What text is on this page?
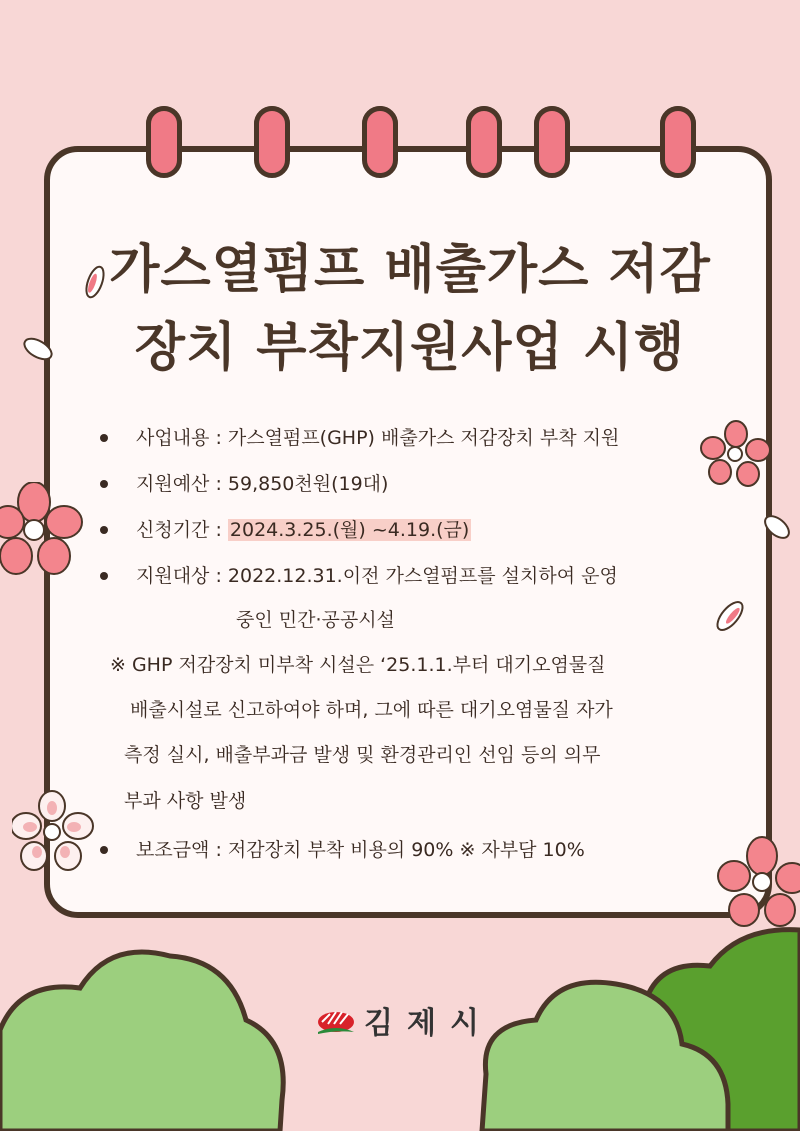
가스열펌프 배출가스 저감
장치 부착지원사업 시행
사업내용 : 가스열펌프(GHP) 배출가스 저감장치 부착 지원
지원예산 : 59,850천원(19대)
신청기간 : 2024.3.25.(월) ~4.19.(금)
지원대상 : 2022.12.31.이전 가스열펌프를 설치하여 운영
중인 민간·공공시설
※ GHP 저감장치 미부착 시설은 ‘25.1.1.부터 대기오염물질
배출시설로 신고하여야 하며, 그에 따른 대기오염물질 자가
측정 실시, 배출부과금 발생 및 환경관리인 선임 등의 의무
부과 사항 발생
보조금액 : 저감장치 부착 비용의 90% ※ 자부담 10%
김제시
